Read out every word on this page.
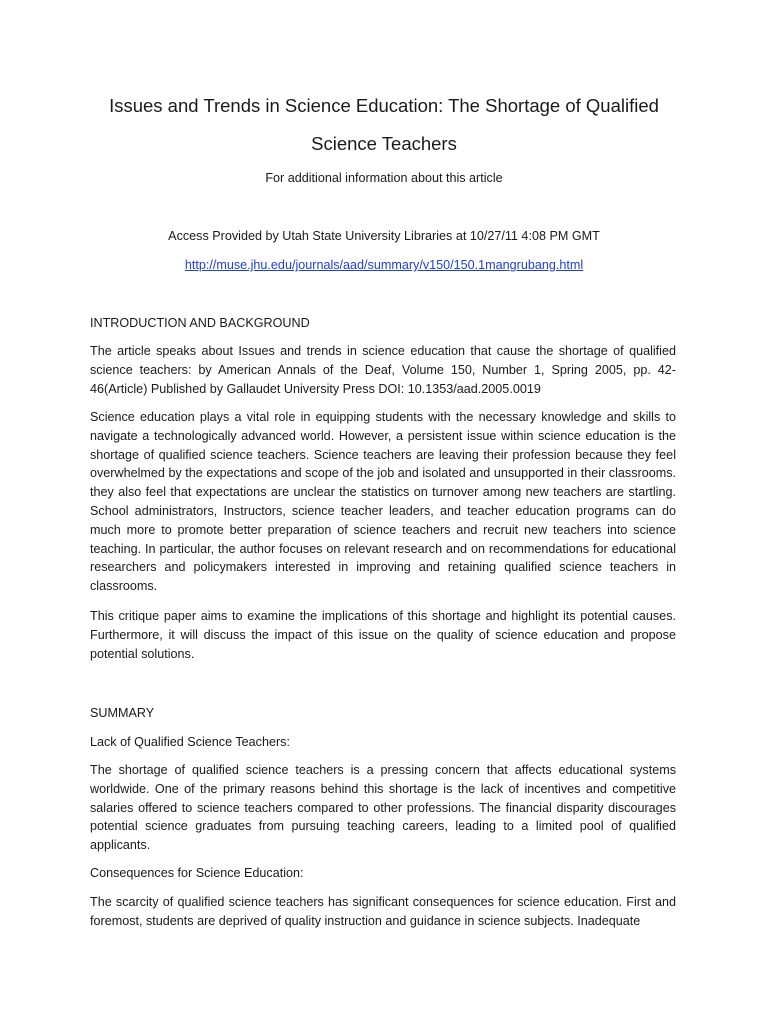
Issues and Trends in Science Education: The Shortage of Qualified
Science Teachers
For additional information about this article
Access Provided by Utah State University Libraries at 10/27/11 4:08 PM GMT
http://muse.jhu.edu/journals/aad/summary/v150/150.1mangrubang.html
INTRODUCTION AND BACKGROUND

The article speaks about Issues and trends in science education that cause the shortage of qualified science teachers: by American Annals of the Deaf, Volume 150, Number 1, Spring 2005, pp. 42-46(Article) Published by Gallaudet University Press DOI: 10.1353/aad.2005.0019

Science education plays a vital role in equipping students with the necessary knowledge and skills to navigate a technologically advanced world. However, a persistent issue within science education is the shortage of qualified science teachers. Science teachers are leaving their profession because they feel overwhelmed by the expectations and scope of the job and isolated and unsupported in their classrooms. they also feel that expectations are unclear the statistics on turnover among new teachers are startling. School administrators, Instructors, science teacher leaders, and teacher education programs can do much more to promote better preparation of science teachers and recruit new teachers into science teaching. In particular, the author focuses on relevant research and on recommendations for educational researchers and policymakers interested in improving and retaining qualified science teachers in classrooms.

This critique paper aims to examine the implications of this shortage and highlight its potential causes. Furthermore, it will discuss the impact of this issue on the quality of science education and propose potential solutions.

SUMMARY
Lack of Qualified Science Teachers:

The shortage of qualified science teachers is a pressing concern that affects educational systems worldwide. One of the primary reasons behind this shortage is the lack of incentives and competitive salaries offered to science teachers compared to other professions. The financial disparity discourages potential science graduates from pursuing teaching careers, leading to a limited pool of qualified applicants.

Consequences for Science Education:

The scarcity of qualified science teachers has significant consequences for science education. First and foremost, students are deprived of quality instruction and guidance in science subjects. Inadequate
